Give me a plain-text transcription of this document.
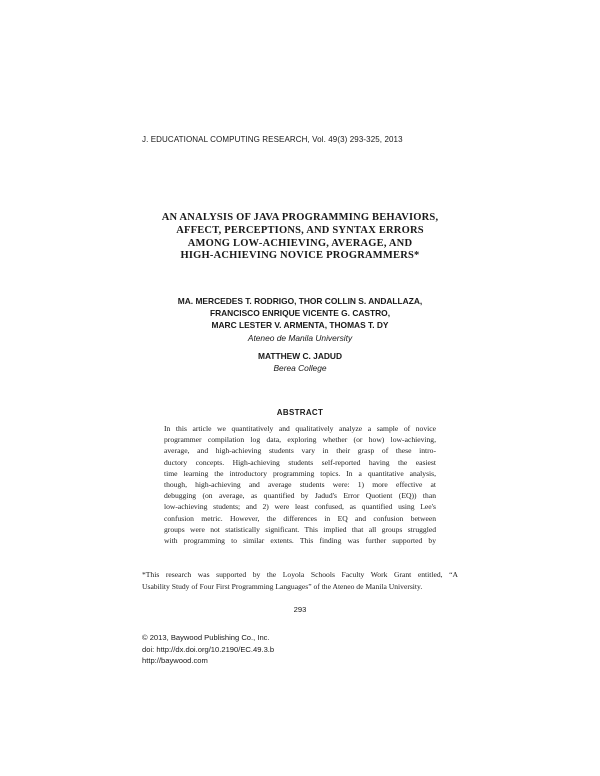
J. EDUCATIONAL COMPUTING RESEARCH, Vol. 49(3) 293-325, 2013
AN ANALYSIS OF JAVA PROGRAMMING BEHAVIORS,
AFFECT, PERCEPTIONS, AND SYNTAX ERRORS
AMONG LOW-ACHIEVING, AVERAGE, AND
HIGH-ACHIEVING NOVICE PROGRAMMERS*
MA. MERCEDES T. RODRIGO, THOR COLLIN S. ANDALLAZA,
FRANCISCO ENRIQUE VICENTE G. CASTRO,
MARC LESTER V. ARMENTA, THOMAS T. DY
Ateneo de Manila University
MATTHEW C. JADUD
Berea College
ABSTRACT
In this article we quantitatively and qualitatively analyze a sample of novice
programmer compilation log data, exploring whether (or how) low-achieving,
average, and high-achieving students vary in their grasp of these intro-
ductory concepts. High-achieving students self-reported having the easiest
time learning the introductory programming topics. In a quantitative analysis,
though, high-achieving and average students were: 1) more effective at
debugging (on average, as quantified by Jadud's Error Quotient (EQ)) than
low-achieving students; and 2) were least confused, as quantified using Lee's
confusion metric. However, the differences in EQ and confusion between
groups were not statistically significant. This implied that all groups struggled
with programming to similar extents. This finding was further supported by
*This research was supported by the Loyola Schools Faculty Work Grant entitled, “A
Usability Study of Four First Programming Languages” of the Ateneo de Manila University.
293
© 2013, Baywood Publishing Co., Inc.
doi: http://dx.doi.org/10.2190/EC.49.3.b
http://baywood.com
